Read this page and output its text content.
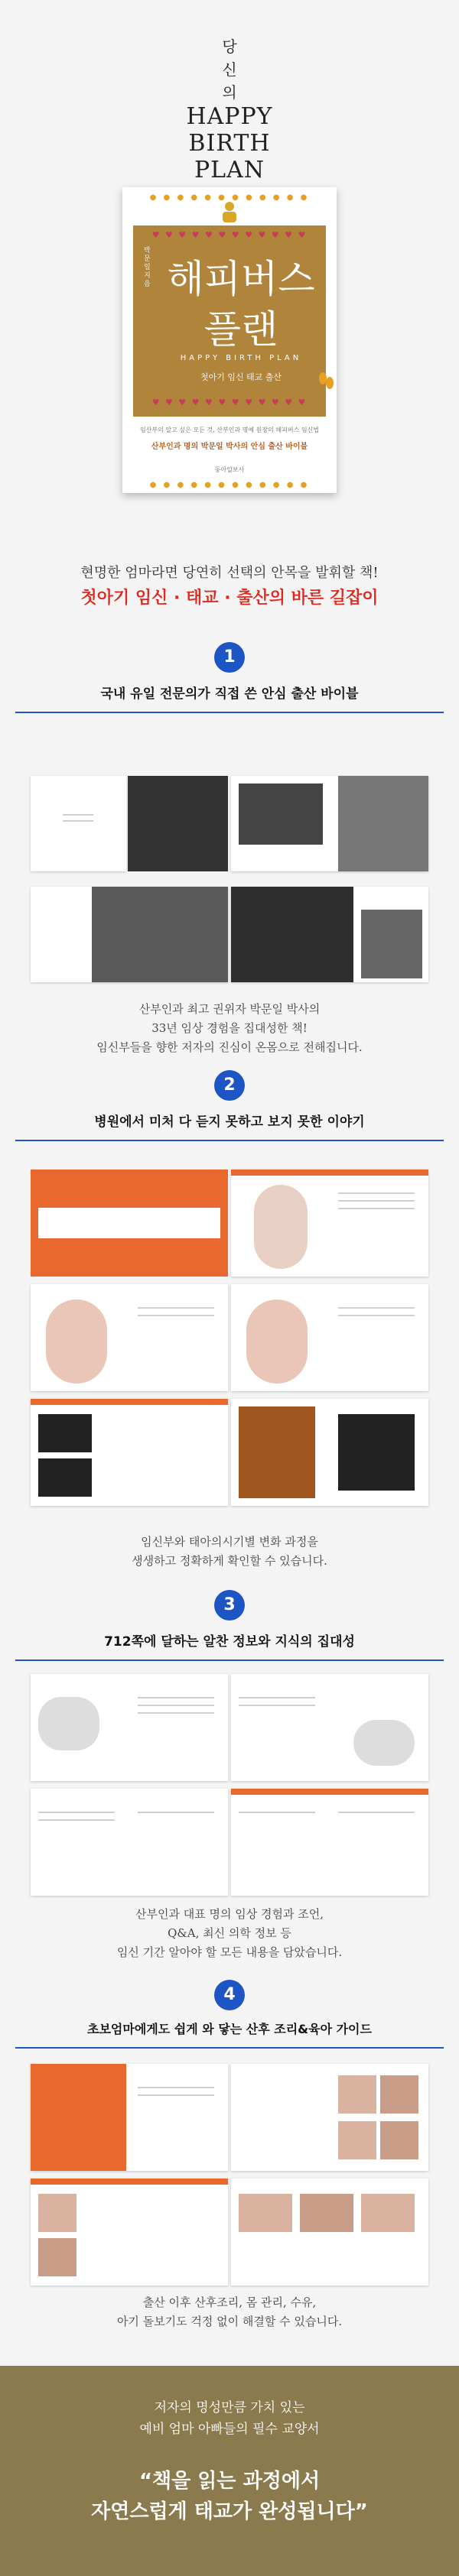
당
신
의
HAPPY
BIRTH
PLAN
● ● ● ● ● ● ● ● ● ● ● ●
♥ ♥ ♥ ♥ ♥ ♥ ♥ ♥ ♥ ♥ ♥ ♥
박문일 지음 해피버스
플랜
HAPPY BIRTH PLAN
첫아기 임신 태교 출산
♥ ♥ ♥ ♥ ♥ ♥ ♥ ♥ ♥ ♥ ♥ ♥
임산부의 알고 싶은 모든 것, 산부인과 명예 원장의 해피버스 임신법
산부인과 명의 박문일 박사의 안심 출산 바이블
동아일보사
● ● ● ● ● ● ● ● ● ● ● ●
현명한 엄마라면 당연히 선택의 안목을 발휘할 책!
첫아기 임신 · 태교 · 출산의 바른 길잡이
1
국내 유일 전문의가 직접 쓴 안심 출산 바이블
산부인과 최고 권위자 박문일 박사의
33년 임상 경험을 집대성한 책!
임신부들을 향한 저자의 진심이 온몸으로 전해집니다.
2
병원에서 미처 다 듣지 못하고 보지 못한 이야기
임신부와 태아의시기별 변화 과정을
생생하고 정확하게 확인할 수 있습니다.
3
712쪽에 달하는 알찬 정보와 지식의 집대성
산부인과 대표 명의 임상 경험과 조언,
Q&A, 최신 의학 정보 등
임신 기간 알아야 할 모든 내용을 담았습니다.
4
초보엄마에게도 쉽게 와 닿는 산후 조리&육아 가이드
출산 이후 산후조리, 몸 관리, 수유,
아기 돌보기도 걱정 없이 해결할 수 있습니다.
저자의 명성만큼 가치 있는
예비 엄마 아빠들의 필수 교양서
“책을 읽는 과정에서
자연스럽게 태교가 완성됩니다”
